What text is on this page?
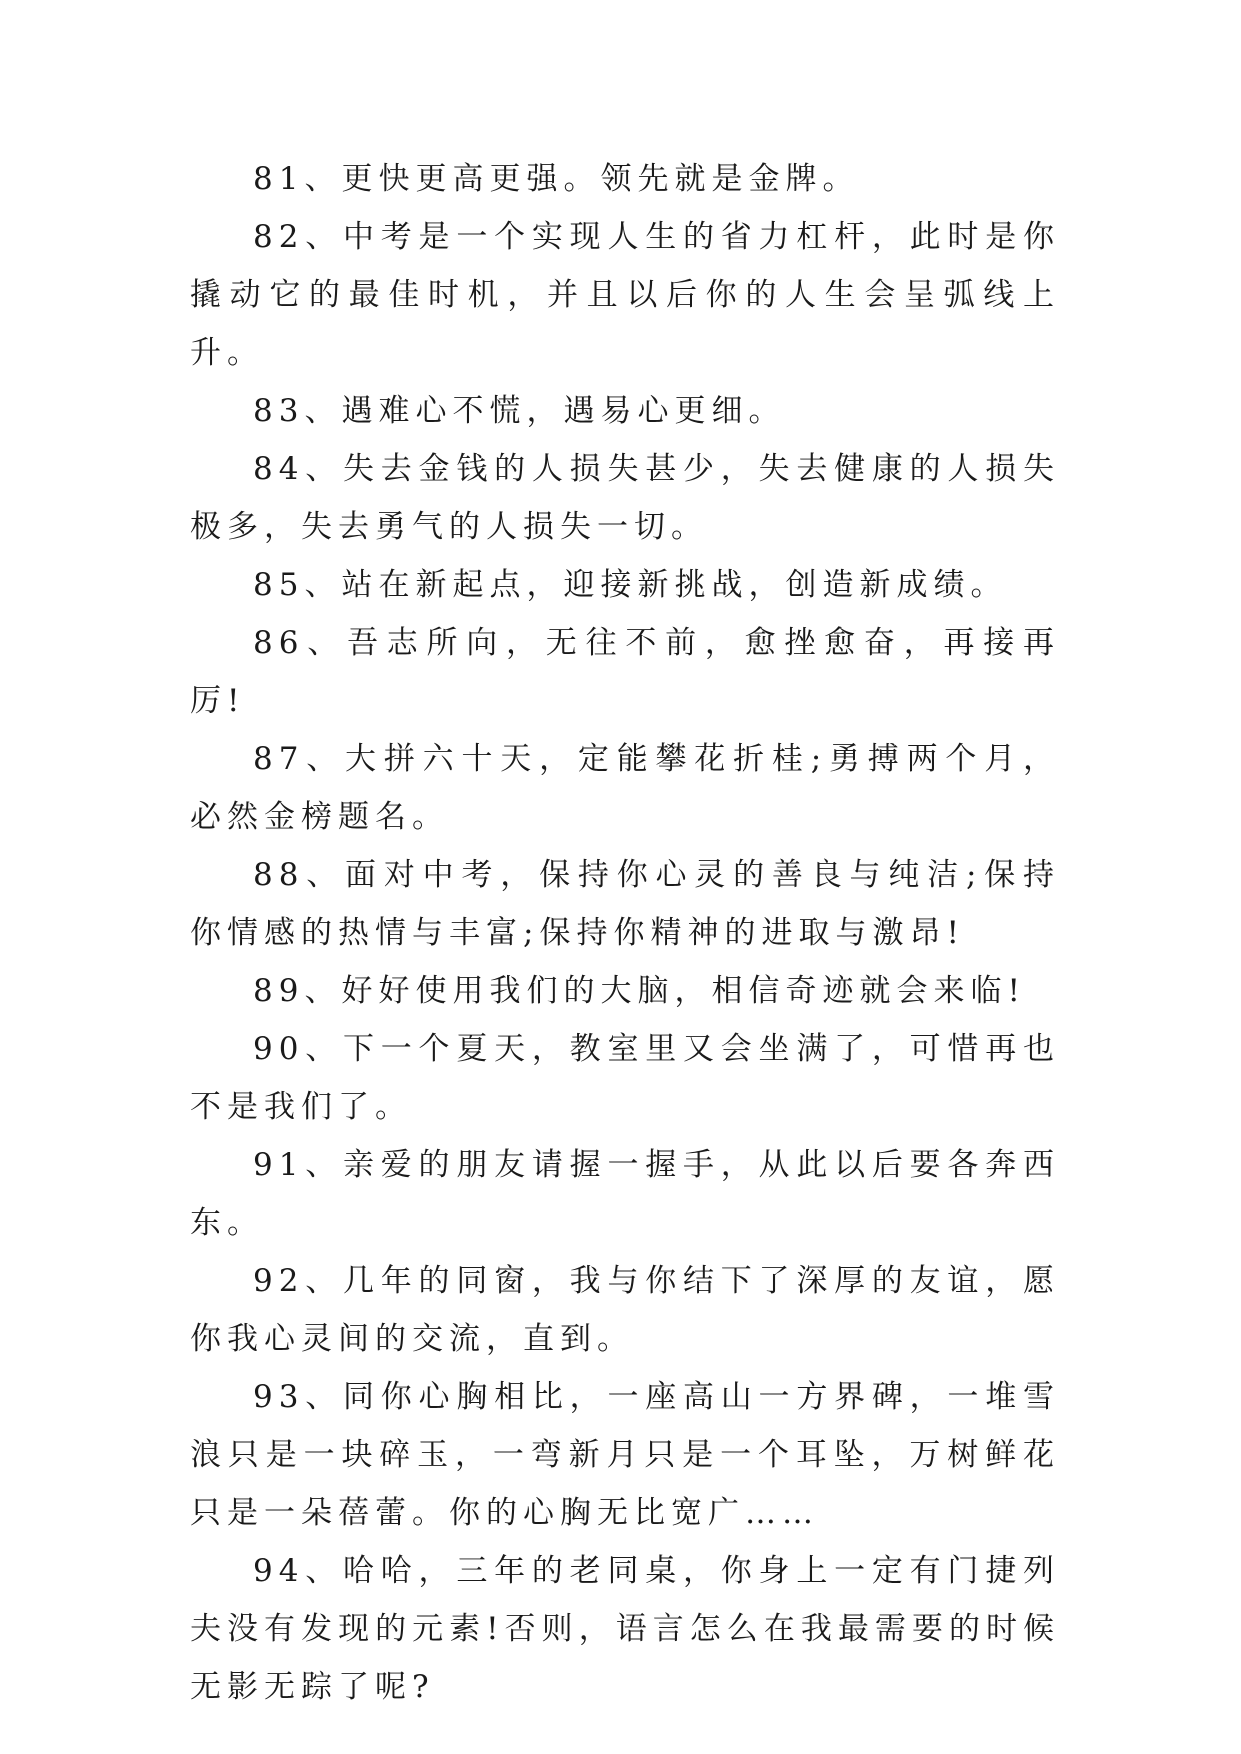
81、更快更高更强。领先就是金牌。

82、中考是一个实现人生的省力杠杆，此时是你撬动它的最佳时机，并且以后你的人生会呈弧线上升。

83、遇难心不慌，遇易心更细。

84、失去金钱的人损失甚少，失去健康的人损失极多，失去勇气的人损失一切。

85、站在新起点，迎接新挑战，创造新成绩。

86、吾志所向，无往不前，愈挫愈奋，再接再厉!

87、大拼六十天，定能攀花折桂;勇搏两个月，必然金榜题名。

88、面对中考，保持你心灵的善良与纯洁;保持你情感的热情与丰富;保持你精神的进取与激昂!

89、好好使用我们的大脑，相信奇迹就会来临!

90、下一个夏天，教室里又会坐满了，可惜再也不是我们了。

91、亲爱的朋友请握一握手，从此以后要各奔西东。

92、几年的同窗，我与你结下了深厚的友谊，愿你我心灵间的交流，直到。

93、同你心胸相比，一座高山一方界碑，一堆雪浪只是一块碎玉，一弯新月只是一个耳坠，万树鲜花只是一朵蓓蕾。你的心胸无比宽广……

94、哈哈，三年的老同桌，你身上一定有门捷列夫没有发现的元素!否则，语言怎么在我最需要的时候无影无踪了呢?
